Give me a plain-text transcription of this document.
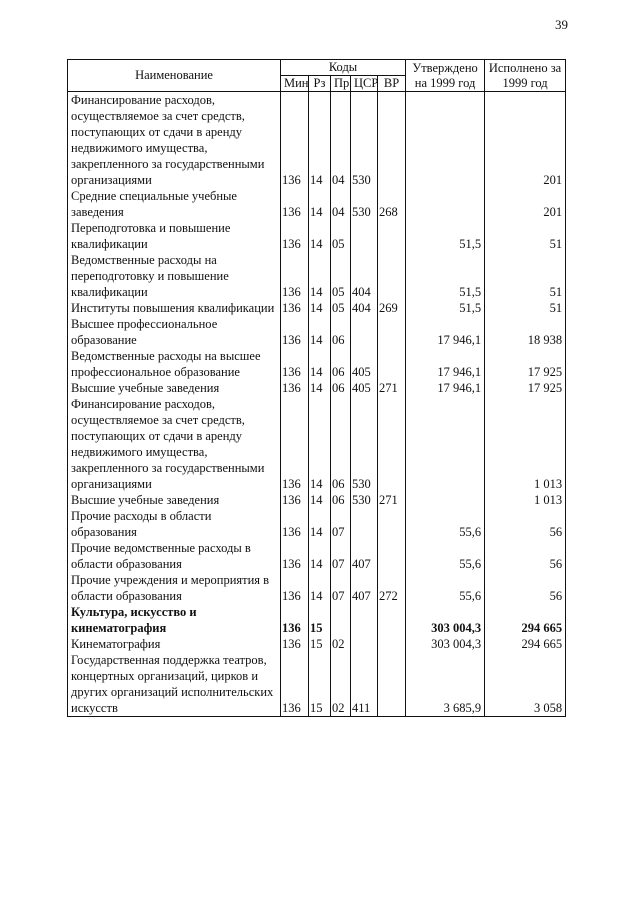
39
Наименование	Коды					Утверждено на 1999 год	Исполнено за 1999 год
	Мин	Рз	Пр	ЦСР	ВР		
Финансирование расходов, осуществляемое за счет средств, поступающих от сдачи в аренду недвижимого имущества, закрепленного за государственными организациями	136	14	04	530			201
Средние специальные учебные заведения	136	14	04	530	268		201
Переподготовка и повышение квалификации	136	14	05			51,5	51
Ведомственные расходы на переподготовку и повышение квалификации	136	14	05	404		51,5	51
Институты повышения квалификации	136	14	05	404	269	51,5	51
Высшее профессиональное образование	136	14	06			17 946,1	18 938
Ведомственные расходы на высшее профессиональное образование	136	14	06	405		17 946,1	17 925
Высшие учебные заведения	136	14	06	405	271	17 946,1	17 925
Финансирование расходов, осуществляемое за счет средств, поступающих от сдачи в аренду недвижимого имущества, закрепленного за государственными организациями	136	14	06	530			1 013
Высшие учебные заведения	136	14	06	530	271		1 013
Прочие расходы в области образования	136	14	07			55,6	56
Прочие ведомственные расходы в области образования	136	14	07	407		55,6	56
Прочие учреждения и мероприятия в области образования	136	14	07	407	272	55,6	56
Культура, искусство и кинематография	136	15				303 004,3	294 665
Кинематография	136	15	02			303 004,3	294 665
Государственная поддержка театров, концертных организаций, цирков и других организаций исполнительских искусств	136	15	02	411		3 685,9	3 058
